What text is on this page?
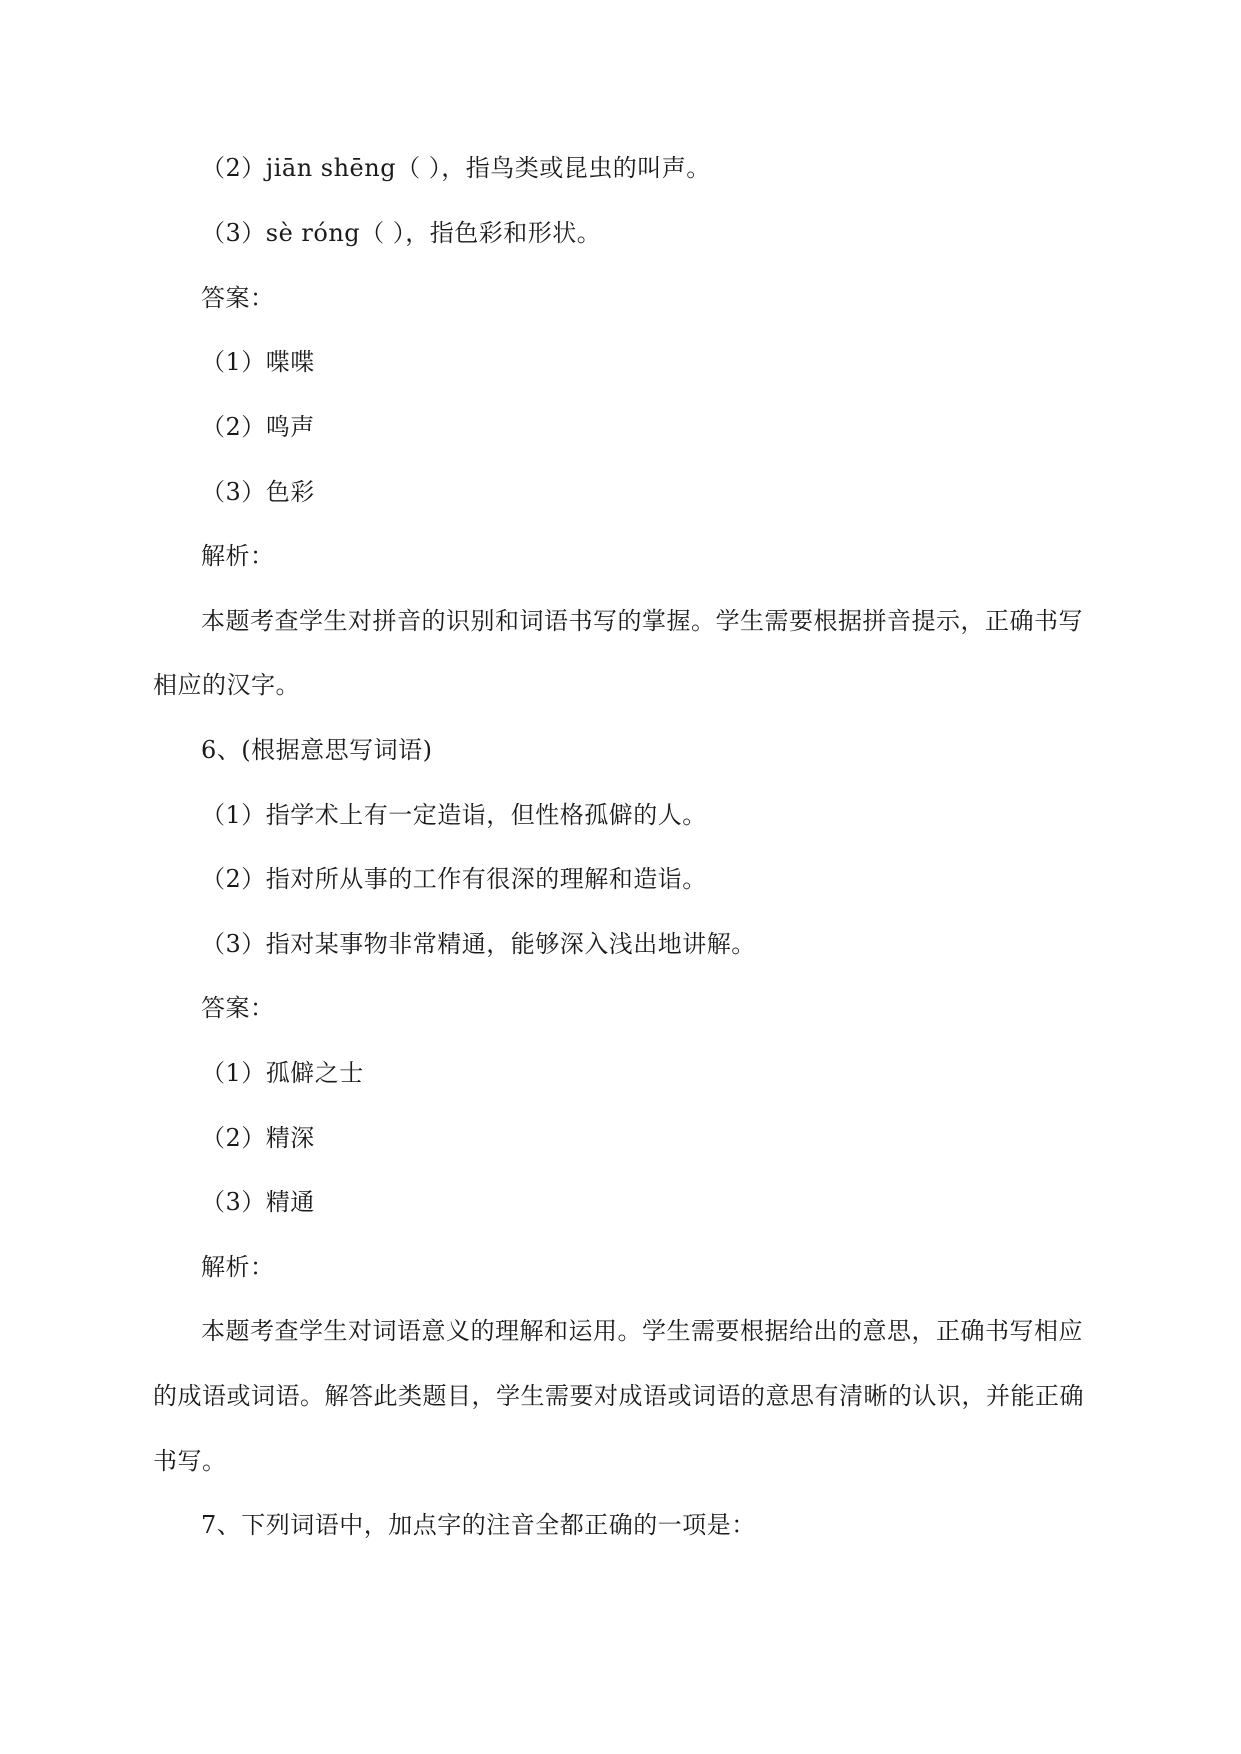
（2）jiān shēng（ ），指鸟类或昆虫的叫声。
（3）sè róng（ ），指色彩和形状。
答案：
（1）喋喋
（2）鸣声
（3）色彩
解析：
本题考查学生对拼音的识别和词语书写的掌握。学生需要根据拼音提示，正确书写
相应的汉字。
6、(根据意思写词语)
（1）指学术上有一定造诣，但性格孤僻的人。
（2）指对所从事的工作有很深的理解和造诣。
（3）指对某事物非常精通，能够深入浅出地讲解。
答案：
（1）孤僻之士
（2）精深
（3）精通
解析：
本题考查学生对词语意义的理解和运用。学生需要根据给出的意思，正确书写相应
的成语或词语。解答此类题目，学生需要对成语或词语的意思有清晰的认识，并能正确
书写。
7、下列词语中，加点字的注音全都正确的一项是：
